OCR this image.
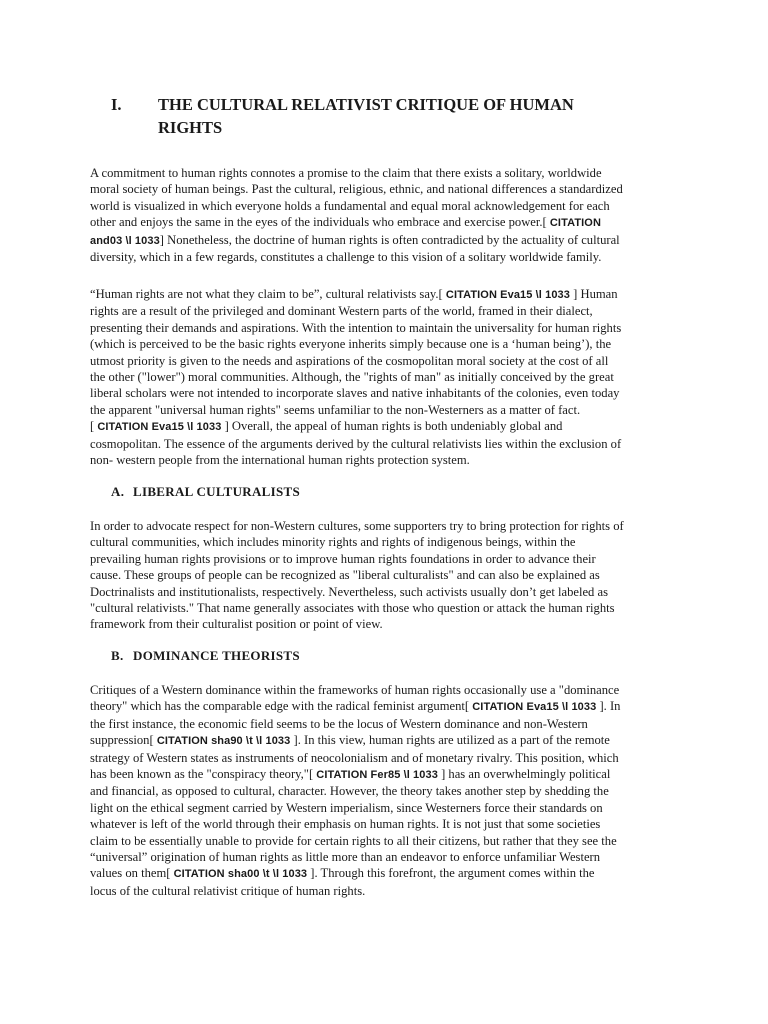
I.	THE CULTURAL RELATIVIST CRITIQUE OF HUMAN RIGHTS

A commitment to human rights connotes a promise to the claim that there exists a solitary, worldwide
moral society of human beings. Past the cultural, religious, ethnic, and national differences a standardized
world is visualized in which everyone holds a fundamental and equal moral acknowledgement for each
other and enjoys the same in the eyes of the individuals who embrace and exercise power.[ CITATION
and03 \l 1033] Nonetheless, the doctrine of human rights is often contradicted by the actuality of cultural
diversity, which in a few regards, constitutes a challenge to this vision of a solitary worldwide family.

“Human rights are not what they claim to be”, cultural relativists say.[ CITATION Eva15 \l 1033 ] Human
rights are a result of the privileged and dominant Western parts of the world, framed in their dialect,
presenting their demands and aspirations. With the intention to maintain the universality for human rights
(which is perceived to be the basic rights everyone inherits simply because one is a ‘human being’), the
utmost priority is given to the needs and aspirations of the cosmopolitan moral society at the cost of all
the other ("lower") moral communities. Although, the "rights of man" as initially conceived by the great
liberal scholars were not intended to incorporate slaves and native inhabitants of the colonies, even today
the apparent "universal human rights" seems unfamiliar to the non-Westerners as a matter of fact.
[ CITATION Eva15 \l 1033 ] Overall, the appeal of human rights is both undeniably global and
cosmopolitan. The essence of the arguments derived by the cultural relativists lies within the exclusion of
non- western people from the international human rights protection system.

A. LIBERAL CULTURALISTS

In order to advocate respect for non-Western cultures, some supporters try to bring protection for rights of
cultural communities, which includes minority rights and rights of indigenous beings, within the
prevailing human rights provisions or to improve human rights foundations in order to advance their
cause. These groups of people can be recognized as "liberal culturalists" and can also be explained as
Doctrinalists and institutionalists, respectively. Nevertheless, such activists usually don’t get labeled as
"cultural relativists." That name generally associates with those who question or attack the human rights
framework from their culturalist position or point of view.

B. DOMINANCE THEORISTS

Critiques of a Western dominance within the frameworks of human rights occasionally use a "dominance
theory" which has the comparable edge with the radical feminist argument[ CITATION Eva15 \l 1033 ]. In
the first instance, the economic field seems to be the locus of Western dominance and non-Western
suppression[ CITATION sha90 \t \l 1033 ]. In this view, human rights are utilized as a part of the remote
strategy of Western states as instruments of neocolonialism and of monetary rivalry. This position, which
has been known as the "conspiracy theory,"[ CITATION Fer85 \l 1033 ] has an overwhelmingly political
and financial, as opposed to cultural, character. However, the theory takes another step by shedding the
light on the ethical segment carried by Western imperialism, since Westerners force their standards on
whatever is left of the world through their emphasis on human rights. It is not just that some societies
claim to be essentially unable to provide for certain rights to all their citizens, but rather that they see the
“universal” origination of human rights as little more than an endeavor to enforce unfamiliar Western
values on them[ CITATION sha00 \t \l 1033 ]. Through this forefront, the argument comes within the
locus of the cultural relativist critique of human rights.
